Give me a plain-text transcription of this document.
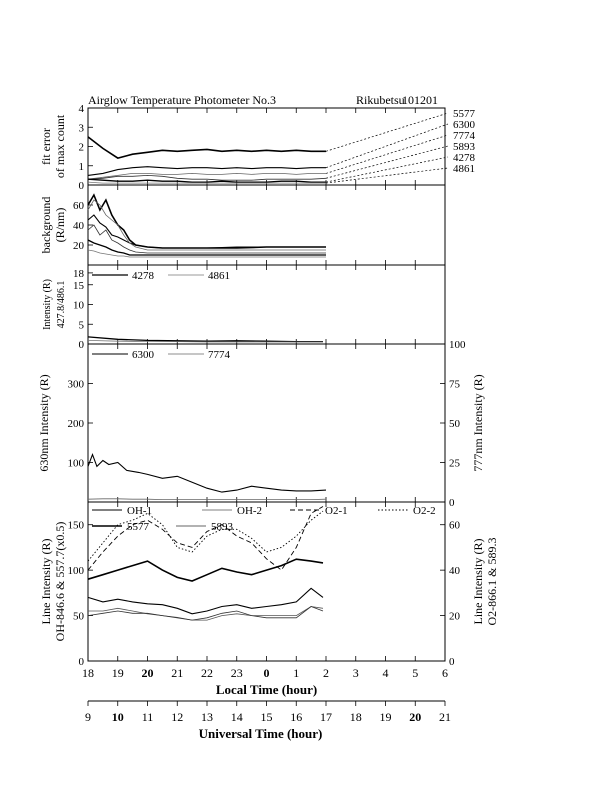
Airglow Temperature Photometer No.3	Rikubetsu
101201
0
1
2
3
4
fit error of max count
5577
6300
7774
5893
4278
4861
20
40
60
background (R/nm)
0
5
10
15
18
Intensity (R) 427.8/486.1
4278	4861
100
200
300
0
25
50
75
100
630nm Intensity (R)	777nm Intensity (R)
6300	7774
0
50
100
150
0
20
40
60
Line Intensity (R) OH-846.6 & 557.7(x0.5)	Line Intensity (R) O2-866.1 & 589.3
OH-1	OH-2	O2-1	O2-2
5577	5893
18 19 20 21 22 23 0 1 2 3 4 5 6
Local Time (hour)
9 10 11 12 13 14 15 16 17 18 19 20 21
Universal Time (hour)
